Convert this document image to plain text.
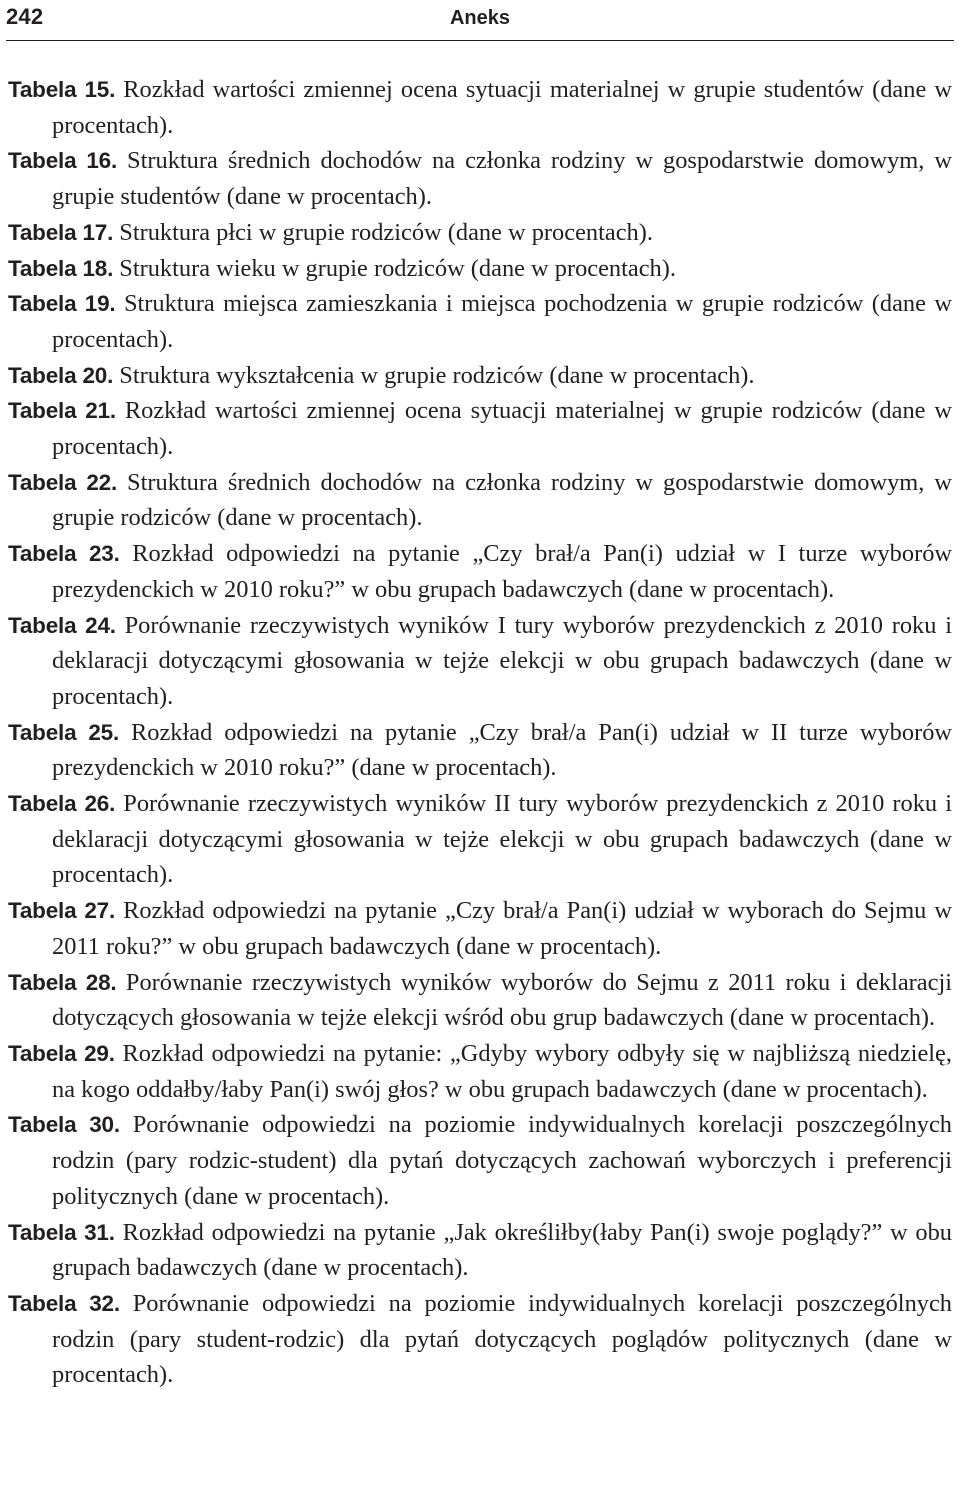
242	Aneks
Tabela 15. Rozkład wartości zmiennej ocena sytuacji materialnej w grupie studentów (dane w procentach).
Tabela 16. Struktura średnich dochodów na członka rodziny w gospodarstwie domowym, w grupie studentów (dane w procentach).
Tabela 17. Struktura płci w grupie rodziców (dane w procentach).
Tabela 18. Struktura wieku w grupie rodziców (dane w procentach).
Tabela 19. Struktura miejsca zamieszkania i miejsca pochodzenia w grupie rodziców (dane w procentach).
Tabela 20. Struktura wykształcenia w grupie rodziców (dane w procentach).
Tabela 21. Rozkład wartości zmiennej ocena sytuacji materialnej w grupie rodziców (dane w procentach).
Tabela 22. Struktura średnich dochodów na członka rodziny w gospodarstwie domowym, w grupie rodziców (dane w procentach).
Tabela 23. Rozkład odpowiedzi na pytanie „Czy brał/a Pan(i) udział w I turze wyborów prezydenckich w 2010 roku?” w obu grupach badawczych (dane w procentach).
Tabela 24. Porównanie rzeczywistych wyników I tury wyborów prezydenckich z 2010 roku i deklaracji dotyczącymi głosowania w tejże elekcji w obu grupach badawczych (dane w procentach).
Tabela 25. Rozkład odpowiedzi na pytanie „Czy brał/a Pan(i) udział w II turze wyborów prezydenckich w 2010 roku?” (dane w procentach).
Tabela 26. Porównanie rzeczywistych wyników II tury wyborów prezydenckich z 2010 roku i deklaracji dotyczącymi głosowania w tejże elekcji w obu grupach badawczych (dane w procentach).
Tabela 27. Rozkład odpowiedzi na pytanie „Czy brał/a Pan(i) udział w wyborach do Sejmu w 2011 roku?” w obu grupach badawczych (dane w procentach).
Tabela 28. Porównanie rzeczywistych wyników wyborów do Sejmu z 2011 roku i deklaracji dotyczących głosowania w tejże elekcji wśród obu grup badawczych (dane w procentach).
Tabela 29. Rozkład odpowiedzi na pytanie: „Gdyby wybory odbyły się w najbliższą niedzielę, na kogo oddałby/łaby Pan(i) swój głos? w obu grupach badawczych (dane w procentach).
Tabela 30. Porównanie odpowiedzi na poziomie indywidualnych korelacji poszczególnych rodzin (pary rodzic-student) dla pytań dotyczących zachowań wyborczych i preferencji politycznych (dane w procentach).
Tabela 31. Rozkład odpowiedzi na pytanie „Jak określiłby(łaby Pan(i) swoje poglądy?” w obu grupach badawczych (dane w procentach).
Tabela 32. Porównanie odpowiedzi na poziomie indywidualnych korelacji poszczególnych rodzin (pary student-rodzic) dla pytań dotyczących poglądów politycznych (dane w procentach).
